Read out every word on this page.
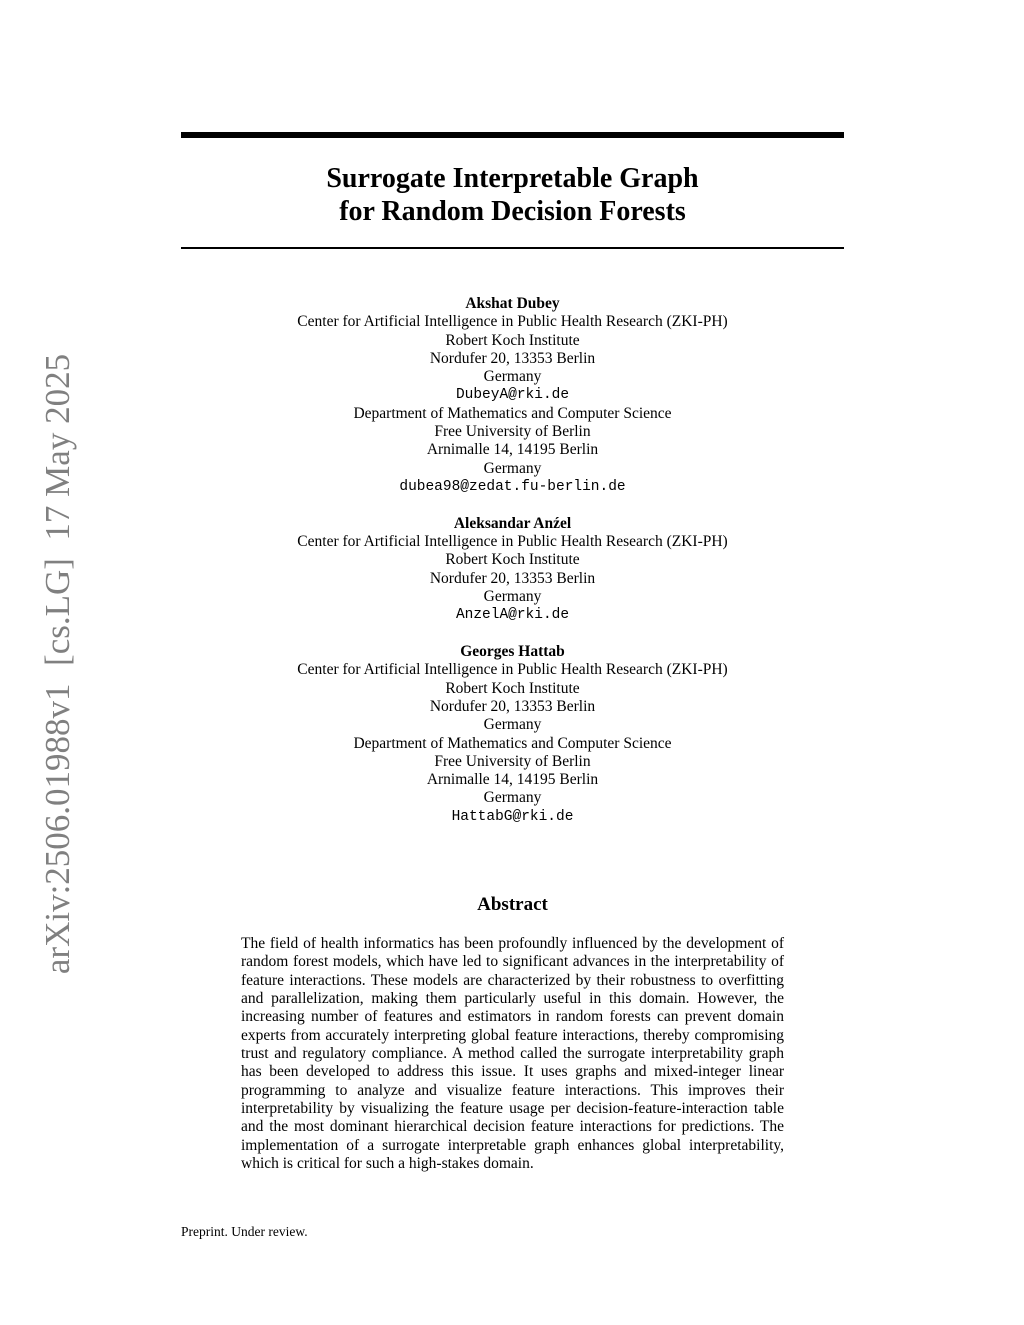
arXiv:2506.01988v1  [cs.LG]  17 May 2025
Surrogate Interpretable Graph
for Random Decision Forests
Akshat Dubey
Center for Artificial Intelligence in Public Health Research (ZKI-PH)
Robert Koch Institute
Nordufer 20, 13353 Berlin
Germany
DubeyA@rki.de
Department of Mathematics and Computer Science
Free University of Berlin
Arnimalle 14, 14195 Berlin
Germany
dubea98@zedat.fu-berlin.de
Aleksandar Anźel
Center for Artificial Intelligence in Public Health Research (ZKI-PH)
Robert Koch Institute
Nordufer 20, 13353 Berlin
Germany
AnzelA@rki.de
Georges Hattab
Center for Artificial Intelligence in Public Health Research (ZKI-PH)
Robert Koch Institute
Nordufer 20, 13353 Berlin
Germany
Department of Mathematics and Computer Science
Free University of Berlin
Arnimalle 14, 14195 Berlin
Germany
HattabG@rki.de
Abstract
The field of health informatics has been profoundly influenced by the development of random forest models, which have led to significant advances in the interpretability of feature interactions. These models are characterized by their robustness to overfitting and parallelization, making them particularly useful in this domain. However, the increasing number of features and estimators in random forests can prevent domain experts from accurately interpreting global feature interactions, thereby compromising trust and regulatory compliance. A method called the surrogate interpretability graph has been developed to address this issue. It uses graphs and mixed-integer linear programming to analyze and visualize feature interactions. This improves their interpretability by visualizing the feature usage per decision-feature-interaction table and the most dominant hierarchical decision feature interactions for predictions. The implementation of a surrogate interpretable graph enhances global interpretability, which is critical for such a high-stakes domain.
Preprint. Under review.
